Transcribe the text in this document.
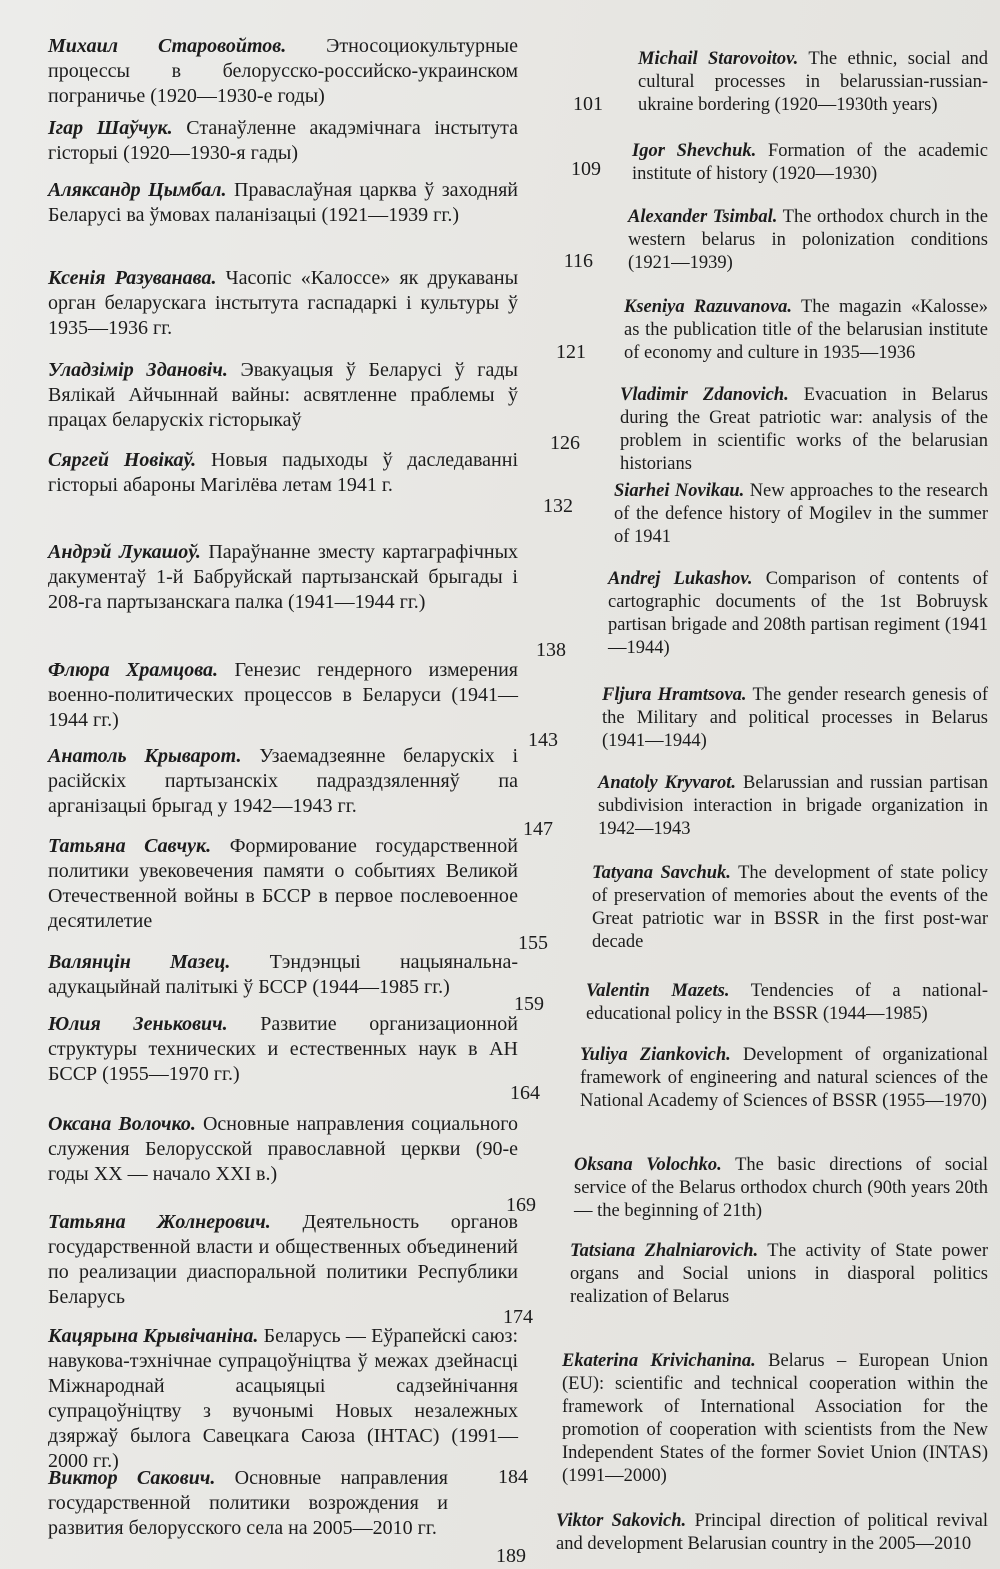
Михаил Старовойтов. Этносоциокультурные процессы в белорусско-российско-украинском пограничье (1920—1930-е годы)	101

Ігар Шаўчук. Станаўленне акадэмічнага інстытута гісторыі (1920—1930-я гады)

109

Аляксандр Цымбал. Праваслаўная царква ў заходняй Беларусі ва ўмовах паланізацыі (1921—1939 гг.)

116

Ксенія Разуванава. Часопіс «Калоссе» як друкаваны орган беларускага інстытута гаспадаркі і культуры ў 1935—1936 гг.

121

Уладзімір Здановіч. Эвакуацыя ў Беларусі ў гады Вялікай Айчыннай вайны: асвятленне праблемы ў працах беларускіх гісторыкаў

126

Сяргей Новікаў. Новыя падыходы ў даследаванні гісторыі абароны Магілёва летам 1941 г.

132

Андрэй Лукашоў. Параўнанне зместу картаграфічных дакументаў 1-й Бабруйскай партызанскай брыгады і 208-га партызанскага палка (1941—1944 гг.)

138

Флюра Храмцова. Генезис гендерного измерения военно-политических процессов в Беларуси (1941—1944 гг.)

143

Анатоль Крыварот. Узаемадзеянне беларускіх і расійскіх партызанскіх падраздзяленняў па арганізацыі брыгад у 1942—1943 гг.

147

Татьяна Савчук. Формирование государственной политики увековечения памяти о событиях Великой Отечественной войны в БССР в первое послевоенное десятилетие

155

Валянцін Мазец. Тэндэнцыі нацыянальна-адукацыйнай палітыкі ў БССР (1944—1985 гг.)

159

Юлия Зенькович. Развитие организационной структуры технических и естественных наук в АН БССР (1955—1970 гг.)

164

Оксана Волочко. Основные направления социального служения Белорусской православной церкви (90-е годы XX — начало XXI в.)

169

Татьяна Жолнерович. Деятельность органов государственной власти и общественных объединений по реализации диаспоральной политики Республики Беларусь

174

Кацярына Крывічаніна. Беларусь — Еўрапейскі саюз: навукова-тэхнічнае супрацоўніцтва ў межах дзейнасці Міжнароднай асацыяцыі садзейнічання супрацоўніцтву з вучонымі Новых незалежных дзяржаў былога Савецкага Саюза (ІНТАС) (1991—2000 гг.)

184

Виктор Сакович. Основные направления государственной политики возрождения и развития белорусского села на 2005—2010 гг.

189

Michail Starovoitov. The ethnic, social and cultural processes in belarussian-russian-ukraine bordering (1920—1930th years)

Igor Shevchuk. Formation of the academic institute of history (1920—1930)

Alexander Tsimbal. The orthodox church in the western belarus in polonization conditions (1921—1939)

Kseniya Razuvanova. The magazin «Kalosse» as the publication title of the belarusian institute of economy and culture in 1935—1936

Vladimir Zdanovich. Evacuation in Belarus during the Great patriotic war: analysis of the problem in scientific works of the belarusian historians

Siarhei Novikau. New approaches to the research of the defence history of Mogilev in the summer of 1941

Andrej Lukashov. Comparison of contents of cartographic documents of the 1st Bobruysk partisan brigade and 208th partisan regiment (1941—1944)

Fljura Hramtsova. The gender research genesis of the Military and political processes in Belarus (1941—1944)

Anatoly Kryvarot. Belarussian and russian partisan subdivision interaction in brigade organization in 1942—1943

Tatyana Savchuk. The development of state policy of preservation of memories about the events of the Great patriotic war in BSSR in the first post-war decade

Valentin Mazets. Tendencies of a national-educational policy in the BSSR (1944—1985)

Yuliya Ziankovich. Development of organizational framework of engineering and natural sciences of the National Academy of Sciences of BSSR (1955—1970)

Oksana Volochko. The basic directions of social service of the Belarus orthodox church (90th years 20th — the beginning of 21th)

Tatsiana Zhalniarovich. The activity of State power organs and Social unions in diasporal politics realization of Belarus

Ekaterina Krivichanina. Belarus – European Union (EU): scientific and technical cooperation within the framework of International Association for the promotion of cooperation with scientists from the New Independent States of the former Soviet Union (INTAS) (1991—2000)

Viktor Sakovich. Principal direction of political revival and development Belarusian country in the 2005—2010
